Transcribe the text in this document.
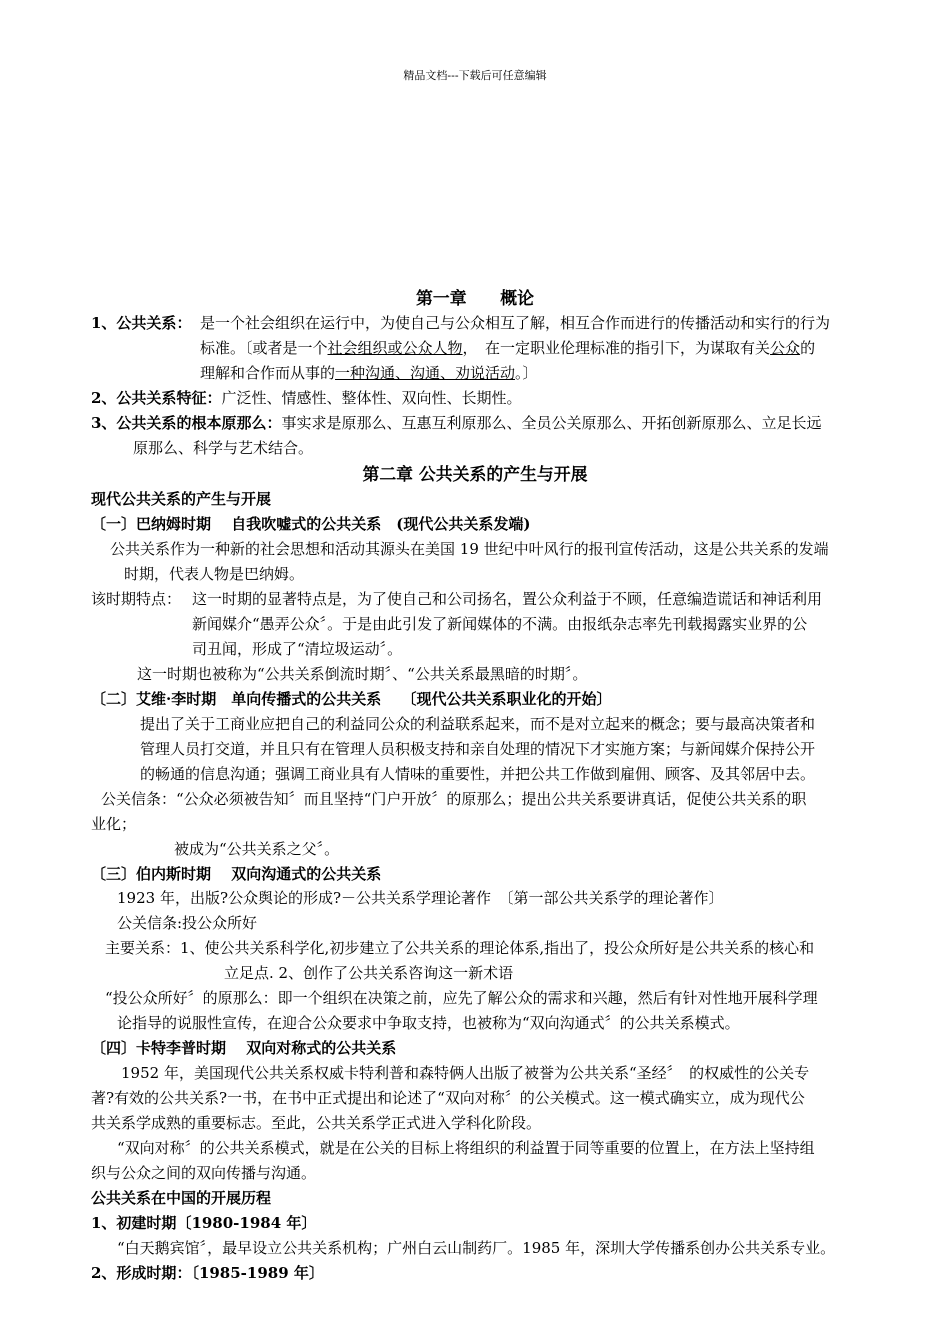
精品文档---下载后可任意编辑
第一章　　概论
1、公共关系： 是一个社会组织在运行中，为使自己与公众相互了解，相互合作而进行的传播活动和实行的行为
标准。〔或者是一个社会组织或公众人物，　在一定职业伦理标准的指引下，为谋取有关公众的
理解和合作而从事的一种沟通、沟通、劝说活动。〕
2、公共关系特征：广泛性、情感性、整体性、双向性、长期性。
3、公共关系的根本原那么：事实求是原那么、互惠互利原那么、全员公关原那么、开拓创新原那么、立足长远
原那么、科学与艺术结合。
第二章 公共关系的产生与开展
现代公共关系的产生与开展
〔一〕巴纳姆时期　 自我吹嘘式的公共关系　(现代公共关系发端)
公共关系作为一种新的社会思想和活动其源头在美国 19 世纪中叶风行的报刊宣传活动，这是公共关系的发端
时期，代表人物是巴纳姆。
该时期特点： 这一时期的显著特点是，为了使自己和公司扬名，置公众利益于不顾，任意编造谎话和神话利用
新闻媒介“愚弄公众〞。于是由此引发了新闻媒体的不满。由报纸杂志率先刊载揭露实业界的公
司丑闻，形成了“清垃圾运动〞。
这一时期也被称为“公共关系倒流时期〞、“公共关系最黑暗的时期〞。
〔二〕艾维·李时期　单向传播式的公共关系　 〔现代公共关系职业化的开始〕
提出了关于工商业应把自己的利益同公众的利益联系起来，而不是对立起来的概念；要与最高决策者和
管理人员打交道，并且只有在管理人员积极支持和亲自处理的情况下才实施方案；与新闻媒介保持公开
的畅通的信息沟通；强调工商业具有人情味的重要性，并把公共工作做到雇佣、顾客、及其邻居中去。
公关信条：“公众必须被告知〞而且坚持“门户开放〞的原那么；提出公共关系要讲真话，促使公共关系的职
业化；
被成为“公共关系之父〞。
〔三〕伯内斯时期　 双向沟通式的公共关系
1923 年，出版?公众舆论的形成?－公共关系学理论著作　〔第一部公共关系学的理论著作〕
公关信条:投公众所好
主要关系：1、使公共关系科学化,初步建立了公共关系的理论体系,指出了，投公众所好是公共关系的核心和
立足点. 2、创作了公共关系咨询这一新术语
“投公众所好〞的原那么：即一个组织在决策之前，应先了解公众的需求和兴趣，然后有针对性地开展科学理
论指导的说服性宣传，在迎合公众要求中争取支持，也被称为“双向沟通式〞的公共关系模式。
〔四〕卡特李普时期　 双向对称式的公共关系
1952 年，美国现代公共关系权威卡特利普和森特俩人出版了被誉为公共关系“圣经〞　的权威性的公关专
著?有效的公共关系?一书，在书中正式提出和论述了“双向对称〞的公关模式。这一模式确实立，成为现代公
共关系学成熟的重要标志。至此，公共关系学正式进入学科化阶段。
“双向对称〞的公共关系模式，就是在公关的目标上将组织的利益置于同等重要的位置上，在方法上坚持组
织与公众之间的双向传播与沟通。
公共关系在中国的开展历程
1、初建时期〔1980-1984 年〕
“白天鹅宾馆〞，最早设立公共关系机构；广州白云山制药厂。1985 年，深圳大学传播系创办公共关系专业。
2、形成时期：〔1985-1989 年〕
